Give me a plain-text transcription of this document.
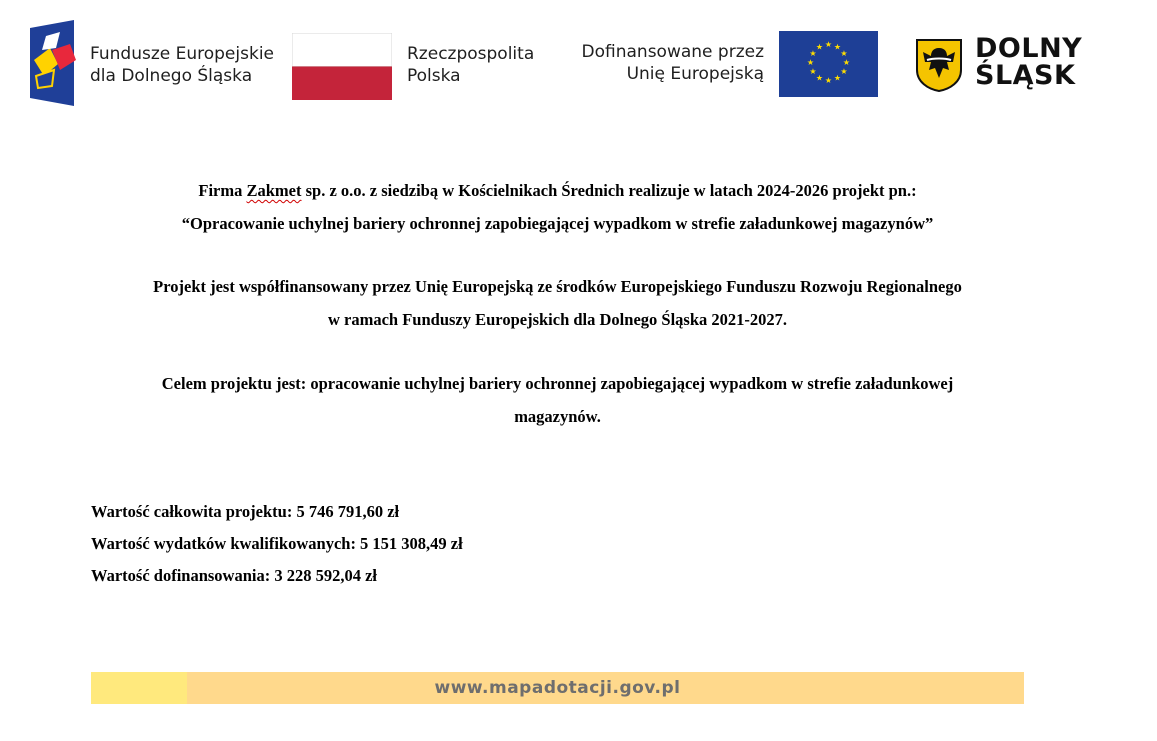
Fundusze Europejskie
dla Dolnego Śląska
Rzeczpospolita
Polska
Dofinansowane przez
Unię Europejską
★ ★
★
★
★
★
★
★
★
★
★
★	DOLNY
ŚLĄSK
Firma Zakmet sp. z o.o. z siedzibą w Kościelnikach Średnich realizuje w latach 2024-2026 projekt pn.:
“Opracowanie uchylnej bariery ochronnej zapobiegającej wypadkom w strefie załadunkowej magazynów”
Projekt jest współfinansowany przez Unię Europejską ze środków Europejskiego Funduszu Rozwoju Regionalnego
w ramach Funduszy Europejskich dla Dolnego Śląska 2021-2027.
Celem projektu jest: opracowanie uchylnej bariery ochronnej zapobiegającej wypadkom w strefie załadunkowej
magazynów.
Wartość całkowita projektu: 5 746 791,60 zł
Wartość wydatków kwalifikowanych: 5 151 308,49 zł
Wartość dofinansowania: 3 228 592,04 zł
www.mapadotacji.gov.pl
